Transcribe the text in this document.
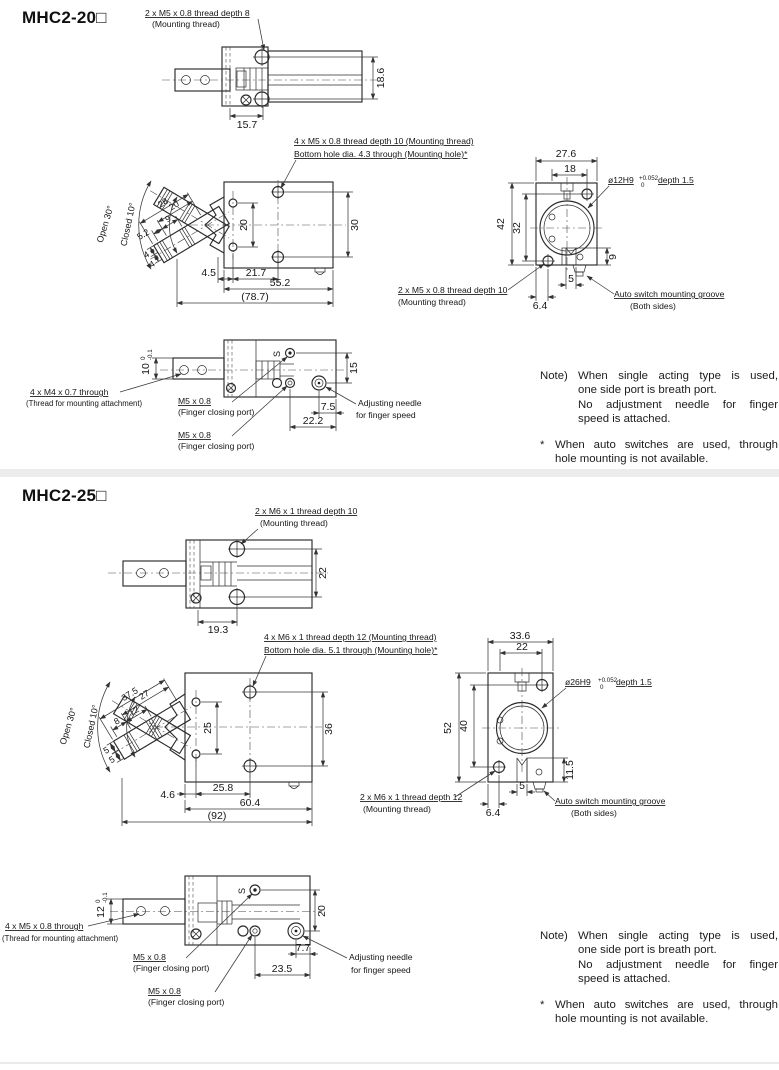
MHC2-20□	2 x M5 x 0.8 thread depth 8
(Mounting thread)
18.6
15.7
4 x M5 x 0.8 thread depth 10 (Mounting thread)
Bottom hole dia. 4.3 through (Mounting hole)*
28
20
5.2
9
4
4
Open 30° Closed 10°	20	30
4.5	21.7
55.2
(78.7)
27.6
18
42 32
9
5
6.4
ø12H9 +0.052
0
depth 1.5
2 x M5 x 0.8 thread depth 10
(Mounting thread)
Auto switch mounting groove
(Both sides)
S
10
0 -0.1
15
7.5
22.2
4 x M4 x 0.7 through
(Thread for mounting attachment)	M5 x 0.8
(Finger closing port)
M5 x 0.8
(Finger closing port)
Adjusting needle
for finger speed
Note) When single acting type is used,
one side port is breath port.
No adjustment needle for finger
speed is attached.
* When auto switches are used, through
hole mounting is not available.
MHC2-25□
2 x M6 x 1 thread depth 10
(Mounting thread)
22
19.3
4 x M6 x 1 thread depth 12 (Mounting thread)
Bottom hole dia. 5.1 through (Mounting hole)*
37.5
27
8
12
5
5
Open 30° Closed 10°	25	36
4.6
25.8
60.4
(92)
33.6
22
52 40
11.5
5
6.4
ø26H9 +0.052
0
depth 1.5
2 x M6 x 1 thread depth 12
(Mounting thread)
Auto switch mounting groove
(Both sides)
S
12
0 -0.1
20
7.7
23.5
4 x M5 x 0.8 through
(Thread for mounting attachment)
M5 x 0.8
(Finger closing port)
M5 x 0.8
(Finger closing port)
Adjusting needle
for finger speed
Note) When single acting type is used,
one side port is breath port.
No adjustment needle for finger
speed is attached.
* When auto switches are used, through
hole mounting is not available.
